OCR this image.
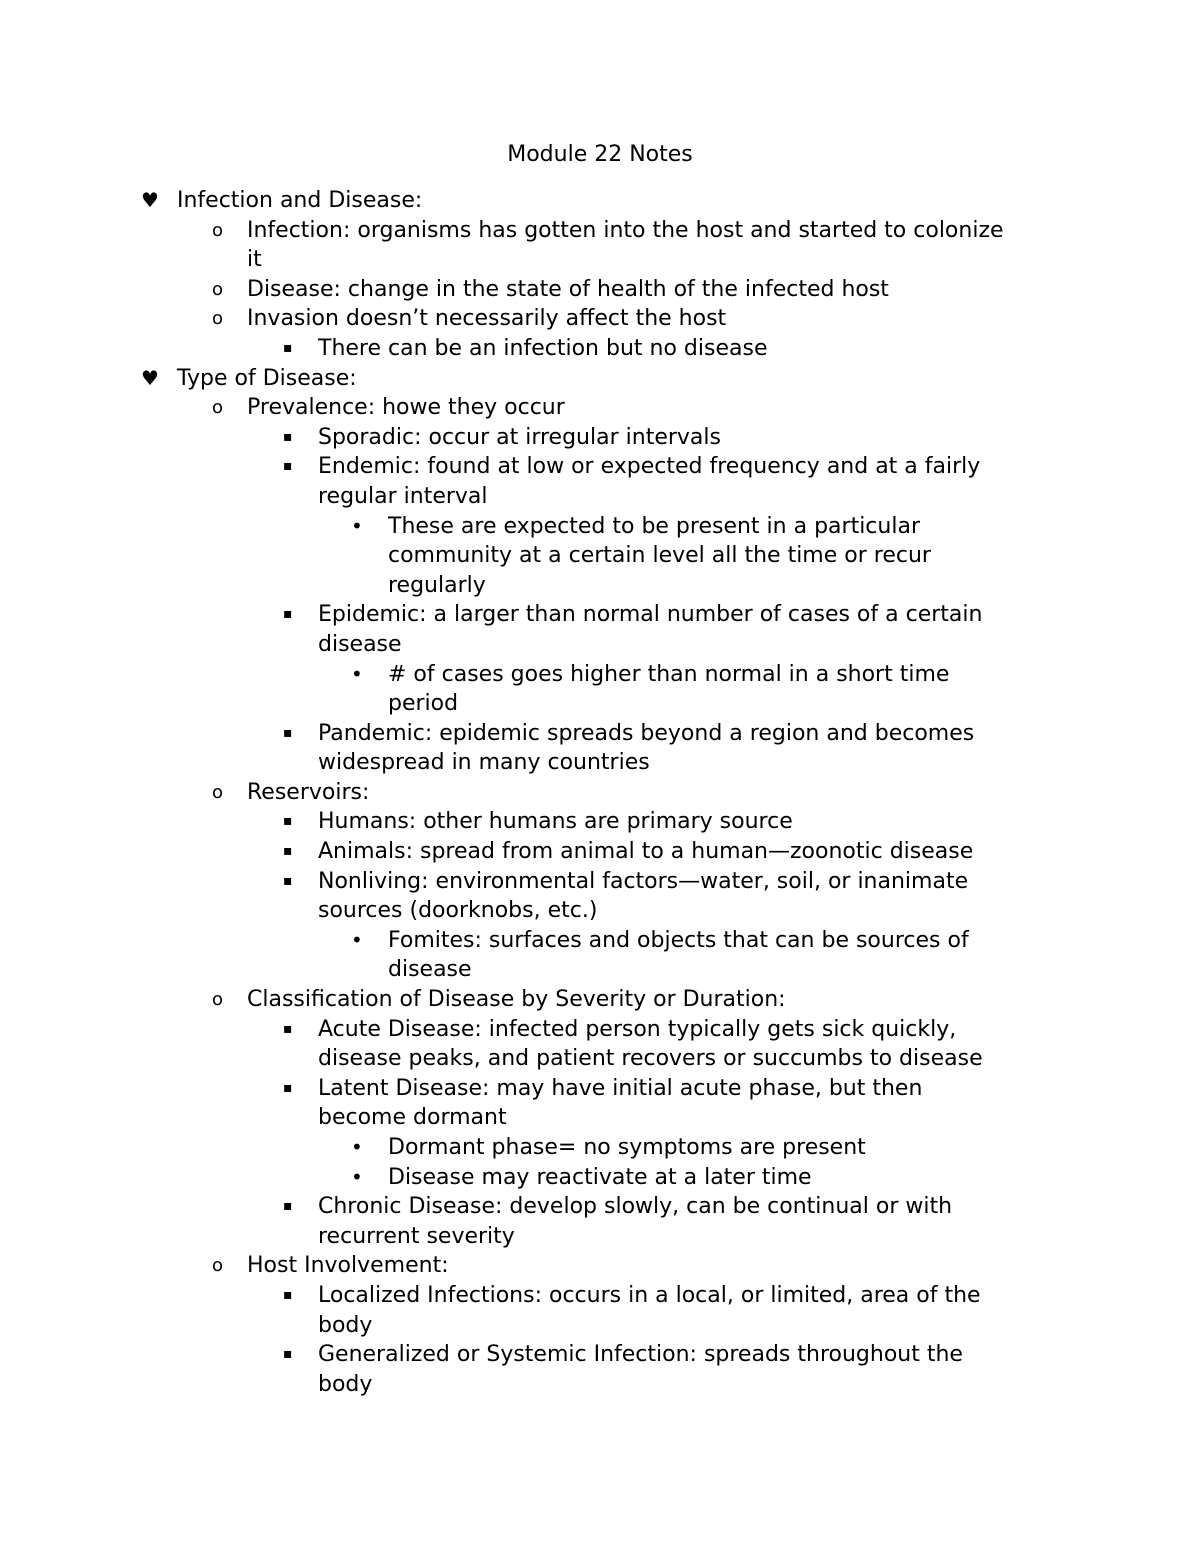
Module 22 Notes
♥ Infection and Disease:
o Infection: organisms has gotten into the host and started to colonize
it
o Disease: change in the state of health of the infected host
o Invasion doesn’t necessarily affect the host
▪ There can be an infection but no disease
♥ Type of Disease:
o Prevalence: howe they occur
▪ Sporadic: occur at irregular intervals
▪ Endemic: found at low or expected frequency and at a fairly
regular interval
• These are expected to be present in a particular
community at a certain level all the time or recur
regularly
▪ Epidemic: a larger than normal number of cases of a certain
disease
• # of cases goes higher than normal in a short time
period
▪ Pandemic: epidemic spreads beyond a region and becomes
widespread in many countries
o Reservoirs:
▪ Humans: other humans are primary source
▪ Animals: spread from animal to a human—zoonotic disease
▪ Nonliving: environmental factors—water, soil, or inanimate
sources (doorknobs, etc.)
• Fomites: surfaces and objects that can be sources of
disease
o Classification of Disease by Severity or Duration:
▪ Acute Disease: infected person typically gets sick quickly,
disease peaks, and patient recovers or succumbs to disease
▪ Latent Disease: may have initial acute phase, but then
become dormant
• Dormant phase= no symptoms are present
• Disease may reactivate at a later time
▪ Chronic Disease: develop slowly, can be continual or with
recurrent severity
o Host Involvement:
▪ Localized Infections: occurs in a local, or limited, area of the
body
▪ Generalized or Systemic Infection: spreads throughout the
body
